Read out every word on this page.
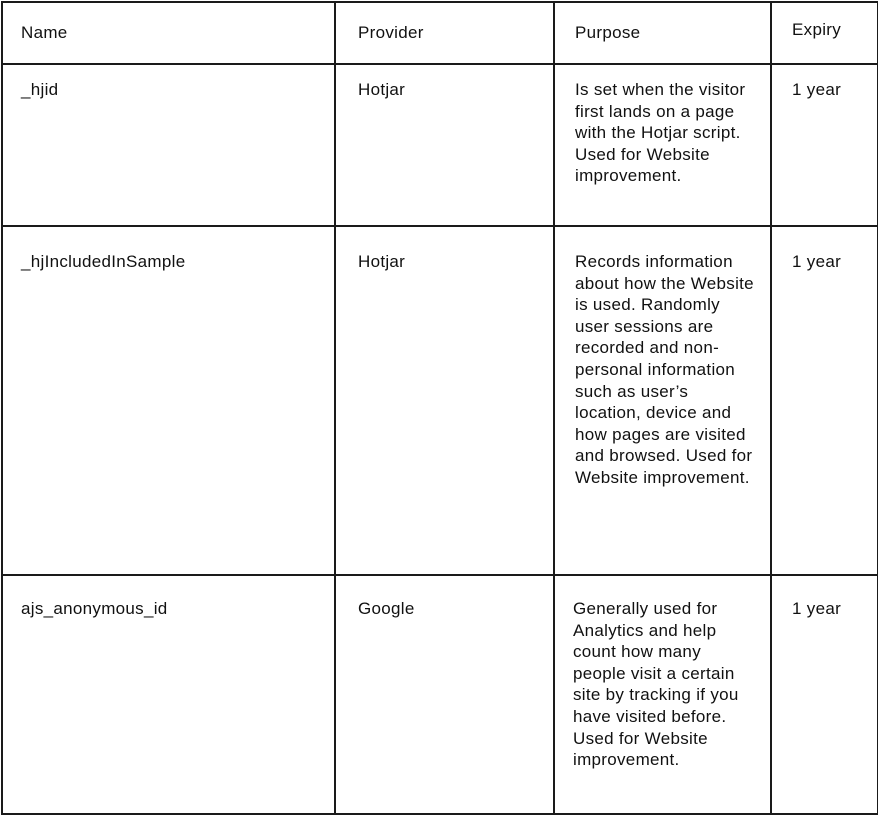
Name	Provider	Purpose	Expiry

_hjid	Hotjar	Is set when the visitor first lands on a page with the Hotjar script. Used for Website improvement.	1 year

_hjIncludedInSample	Hotjar	Records information about how the Website is used. Randomly user sessions are recorded and non-personal information such as user’s location, device and how pages are visited and browsed. Used for Website improvement.	1 year

ajs_anonymous_id	Google	Generally used for Analytics and help count how many people visit a certain site by tracking if you have visited before. Used for Website improvement.	1 year
